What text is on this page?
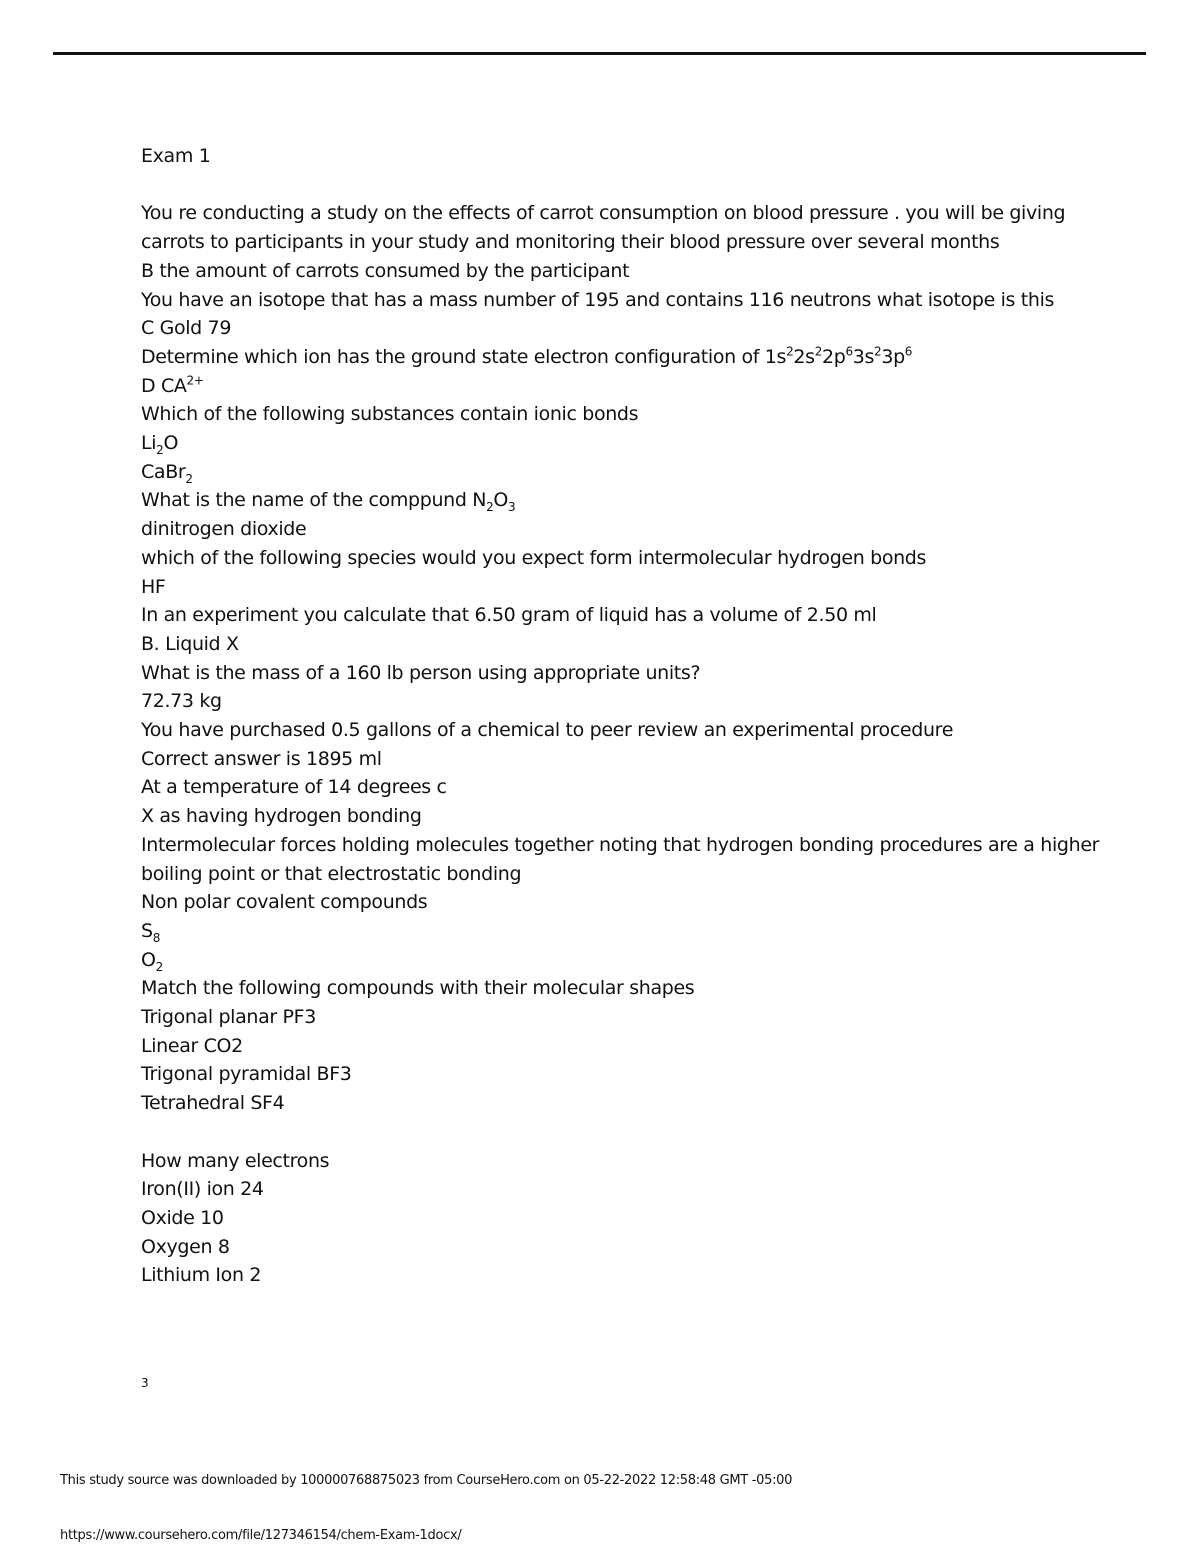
Exam 1
You re conducting a study on the effects of carrot consumption on blood pressure . you will be giving carrots to participants in your study and monitoring their blood pressure over several months
B the amount of carrots consumed by the participant
You have an isotope that has a mass number of 195 and contains 116 neutrons what isotope is this
C Gold 79
Determine which ion has the ground state electron configuration of $1s^22s^22p^63s^23p^6$
D $CA^{2+}$
Which of the following substances contain ionic bonds
$Li_2O$
CaBr$_2$
What is the name of the comppund $N_2O_3$
dinitrogen dioxide
which of the following species would you expect form intermolecular hydrogen bonds
HF
In an experiment you calculate that 6.50 gram of liquid has a volume of 2.50 ml
B. Liquid X
What is the mass of a 160 lb person using appropriate units?
72.73 kg
You have purchased 0.5 gallons of a chemical to peer review an experimental procedure
Correct answer is 1895 ml
At a temperature of 14 degrees c
X as having hydrogen bonding
Intermolecular forces holding molecules together noting that hydrogen bonding procedures are a higher boiling point or that electrostatic bonding
Non polar covalent compounds
$S_8$
$O_2$
Match the following compounds with their molecular shapes
Trigonal planar PF3
Linear CO2
Trigonal pyramidal BF3
Tetrahedral SF4
How many electrons
Iron(II) ion 24
Oxide 10
Oxygen 8
Lithium Ion 2
3
This study source was downloaded by 100000768875023 from CourseHero.com on 05-22-2022 12:58:48 GMT -05:00
https://www.coursehero.com/file/127346154/chem-Exam-1docx/
